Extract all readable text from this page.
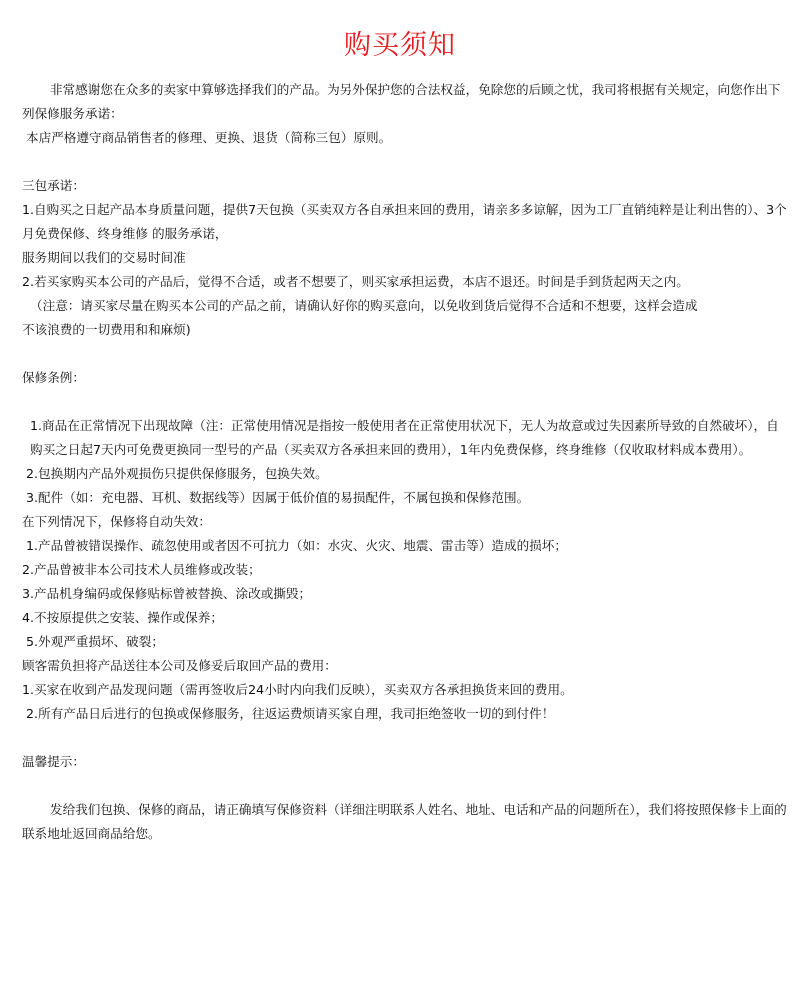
购买须知
非常感谢您在众多的卖家中算够选择我们的产品。为另外保护您的合法权益，免除您的后顾之忧，我司将根据有关规定，向您作出下列保修服务承诺：
本店严格遵守商品销售者的修理、更换、退货（简称三包）原则。
三包承诺：
1.自购买之日起产品本身质量问题，提供7天包换（买卖双方各自承担来回的费用，请亲多多谅解，因为工厂直销纯粹是让利出售的）、3个月免费保修、终身维修 的服务承诺，
服务期间以我们的交易时间准
2.若买家购买本公司的产品后，觉得不合适，或者不想要了，则买家承担运费，本店不退还。时间是手到货起两天之内。
（注意：请买家尽量在购买本公司的产品之前，请确认好你的购买意向，以免收到货后觉得不合适和不想要，这样会造成
不该浪费的一切费用和和麻烦)
保修条例：
1.商品在正常情况下出现故障（注：正常使用情况是指按一般使用者在正常使用状况下，无人为故意或过失因素所导致的自然破坏），自购买之日起7天内可免费更换同一型号的产品（买卖双方各承担来回的费用），1年内免费保修，终身维修（仅收取材料成本费用）。
2.包换期内产品外观损伤只提供保修服务，包换失效。
3.配件（如：充电器、耳机、数据线等）因属于低价值的易损配件，不属包换和保修范围。
在下列情况下，保修将自动失效：
1.产品曾被错误操作、疏忽使用或者因不可抗力（如：水灾、火灾、地震、雷击等）造成的损坏；
2.产品曾被非本公司技术人员维修或改装；
3.产品机身编码或保修贴标曾被替换、涂改或撕毁；
4.不按原提供之安装、操作或保养；
5.外观严重损坏、破裂；
顾客需负担将产品送往本公司及修妥后取回产品的费用：
1.买家在收到产品发现问题（需再签收后24小时内向我们反映），买卖双方各承担换货来回的费用。
2.所有产品日后进行的包换或保修服务，往返运费烦请买家自理，我司拒绝签收一切的到付件！
温馨提示：
发给我们包换、保修的商品，请正确填写保修资料（详细注明联系人姓名、地址、电话和产品的问题所在），我们将按照保修卡上面的联系地址返回商品给您。
